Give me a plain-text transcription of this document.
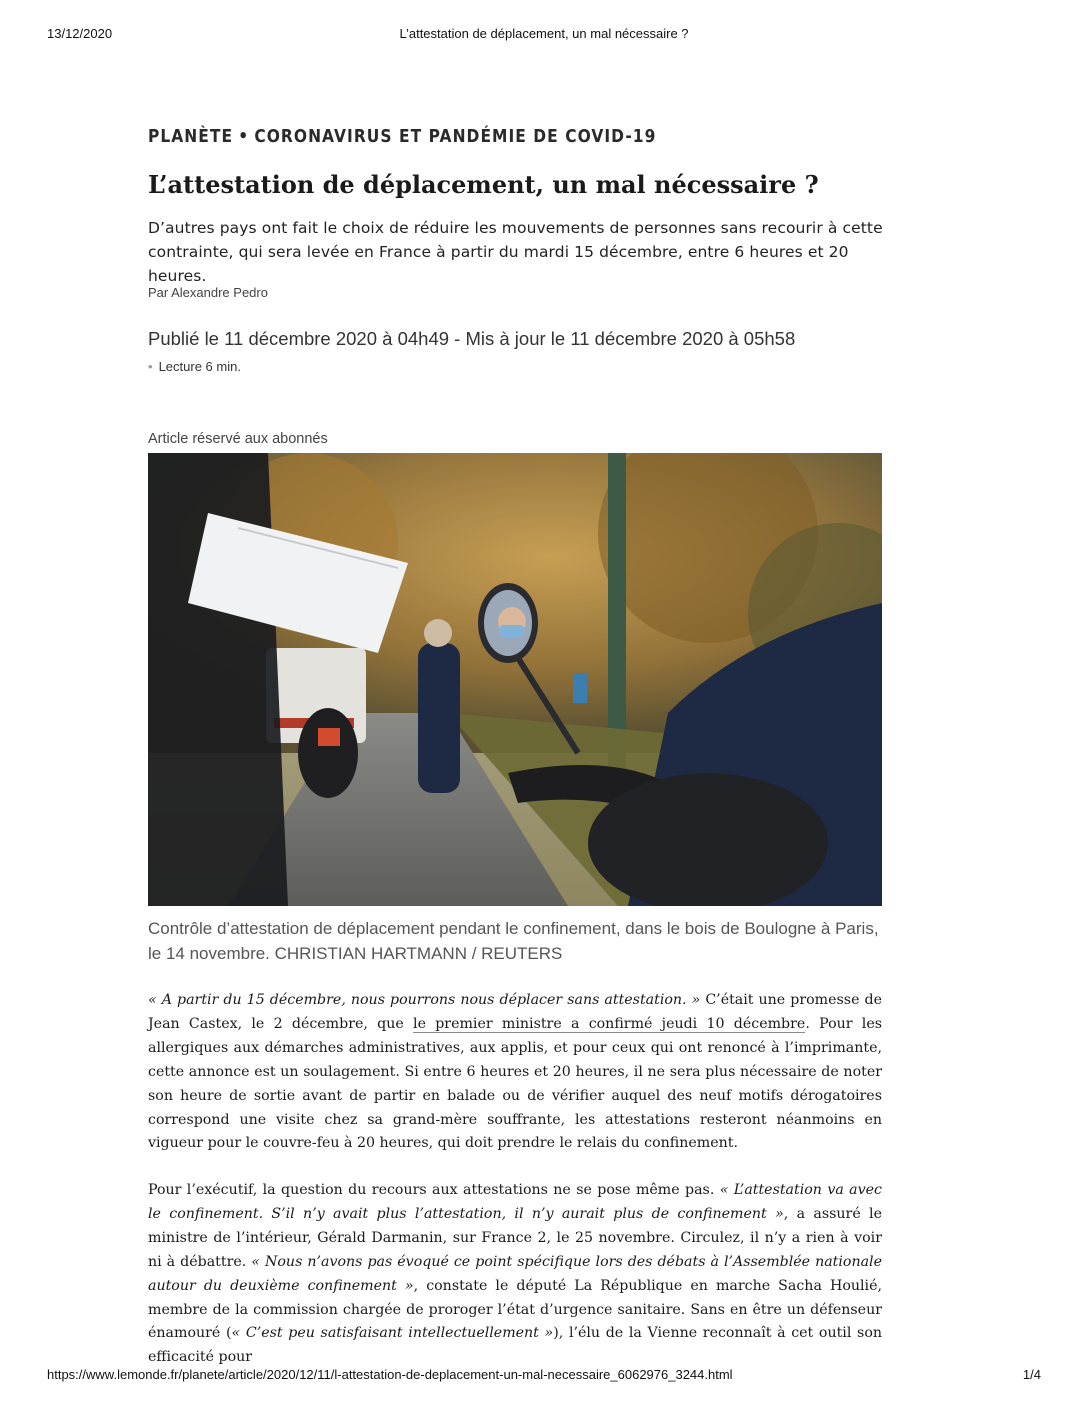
13/12/2020	L’attestation de déplacement, un mal nécessaire ?
PLANÈTE • CORONAVIRUS ET PANDÉMIE DE COVID-19
L’attestation de déplacement, un mal nécessaire ?

D’autres pays ont fait le choix de réduire les mouvements de personnes sans recourir à cette contrainte, qui sera levée en France à partir du mardi 15 décembre, entre 6 heures et 20 heures.

Par Alexandre Pedro
Publié le 11 décembre 2020 à 04h49 - Mis à jour le 11 décembre 2020 à 05h58
• Lecture 6 min.
Article réservé aux abonnés

Contrôle d’attestation de déplacement pendant le confinement, dans le bois de Boulogne à Paris, le 14 novembre. CHRISTIAN HARTMANN / REUTERS

« A partir du 15 décembre, nous pourrons nous déplacer sans attestation. » C’était une promesse de Jean Castex, le 2 décembre, que le premier ministre a confirmé jeudi 10 décembre. Pour les allergiques aux démarches administratives, aux applis, et pour ceux qui ont renoncé à l’imprimante, cette annonce est un soulagement. Si entre 6 heures et 20 heures, il ne sera plus nécessaire de noter son heure de sortie avant de partir en balade ou de vérifier auquel des neuf motifs dérogatoires correspond une visite chez sa grand-mère souffrante, les attestations resteront néanmoins en vigueur pour le couvre-feu à 20 heures, qui doit prendre le relais du confinement.

Pour l’exécutif, la question du recours aux attestations ne se pose même pas. « L’attestation va avec le confinement. S’il n’y avait plus l’attestation, il n’y aurait plus de confinement », a assuré le ministre de l’intérieur, Gérald Darmanin, sur France 2, le 25 novembre. Circulez, il n’y a rien à voir ni à débattre. « Nous n’avons pas évoqué ce point spécifique lors des débats à l’Assemblée nationale autour du deuxième confinement », constate le député La République en marche Sacha Houlié, membre de la commission chargée de proroger l’état d’urgence sanitaire. Sans en être un défenseur énamouré (« C’est peu satisfaisant intellectuellement »), l’élu de la Vienne reconnaît à cet outil son efficacité pour

https://www.lemonde.fr/planete/article/2020/12/11/l-attestation-de-deplacement-un-mal-necessaire_6062976_3244.html	1/4
